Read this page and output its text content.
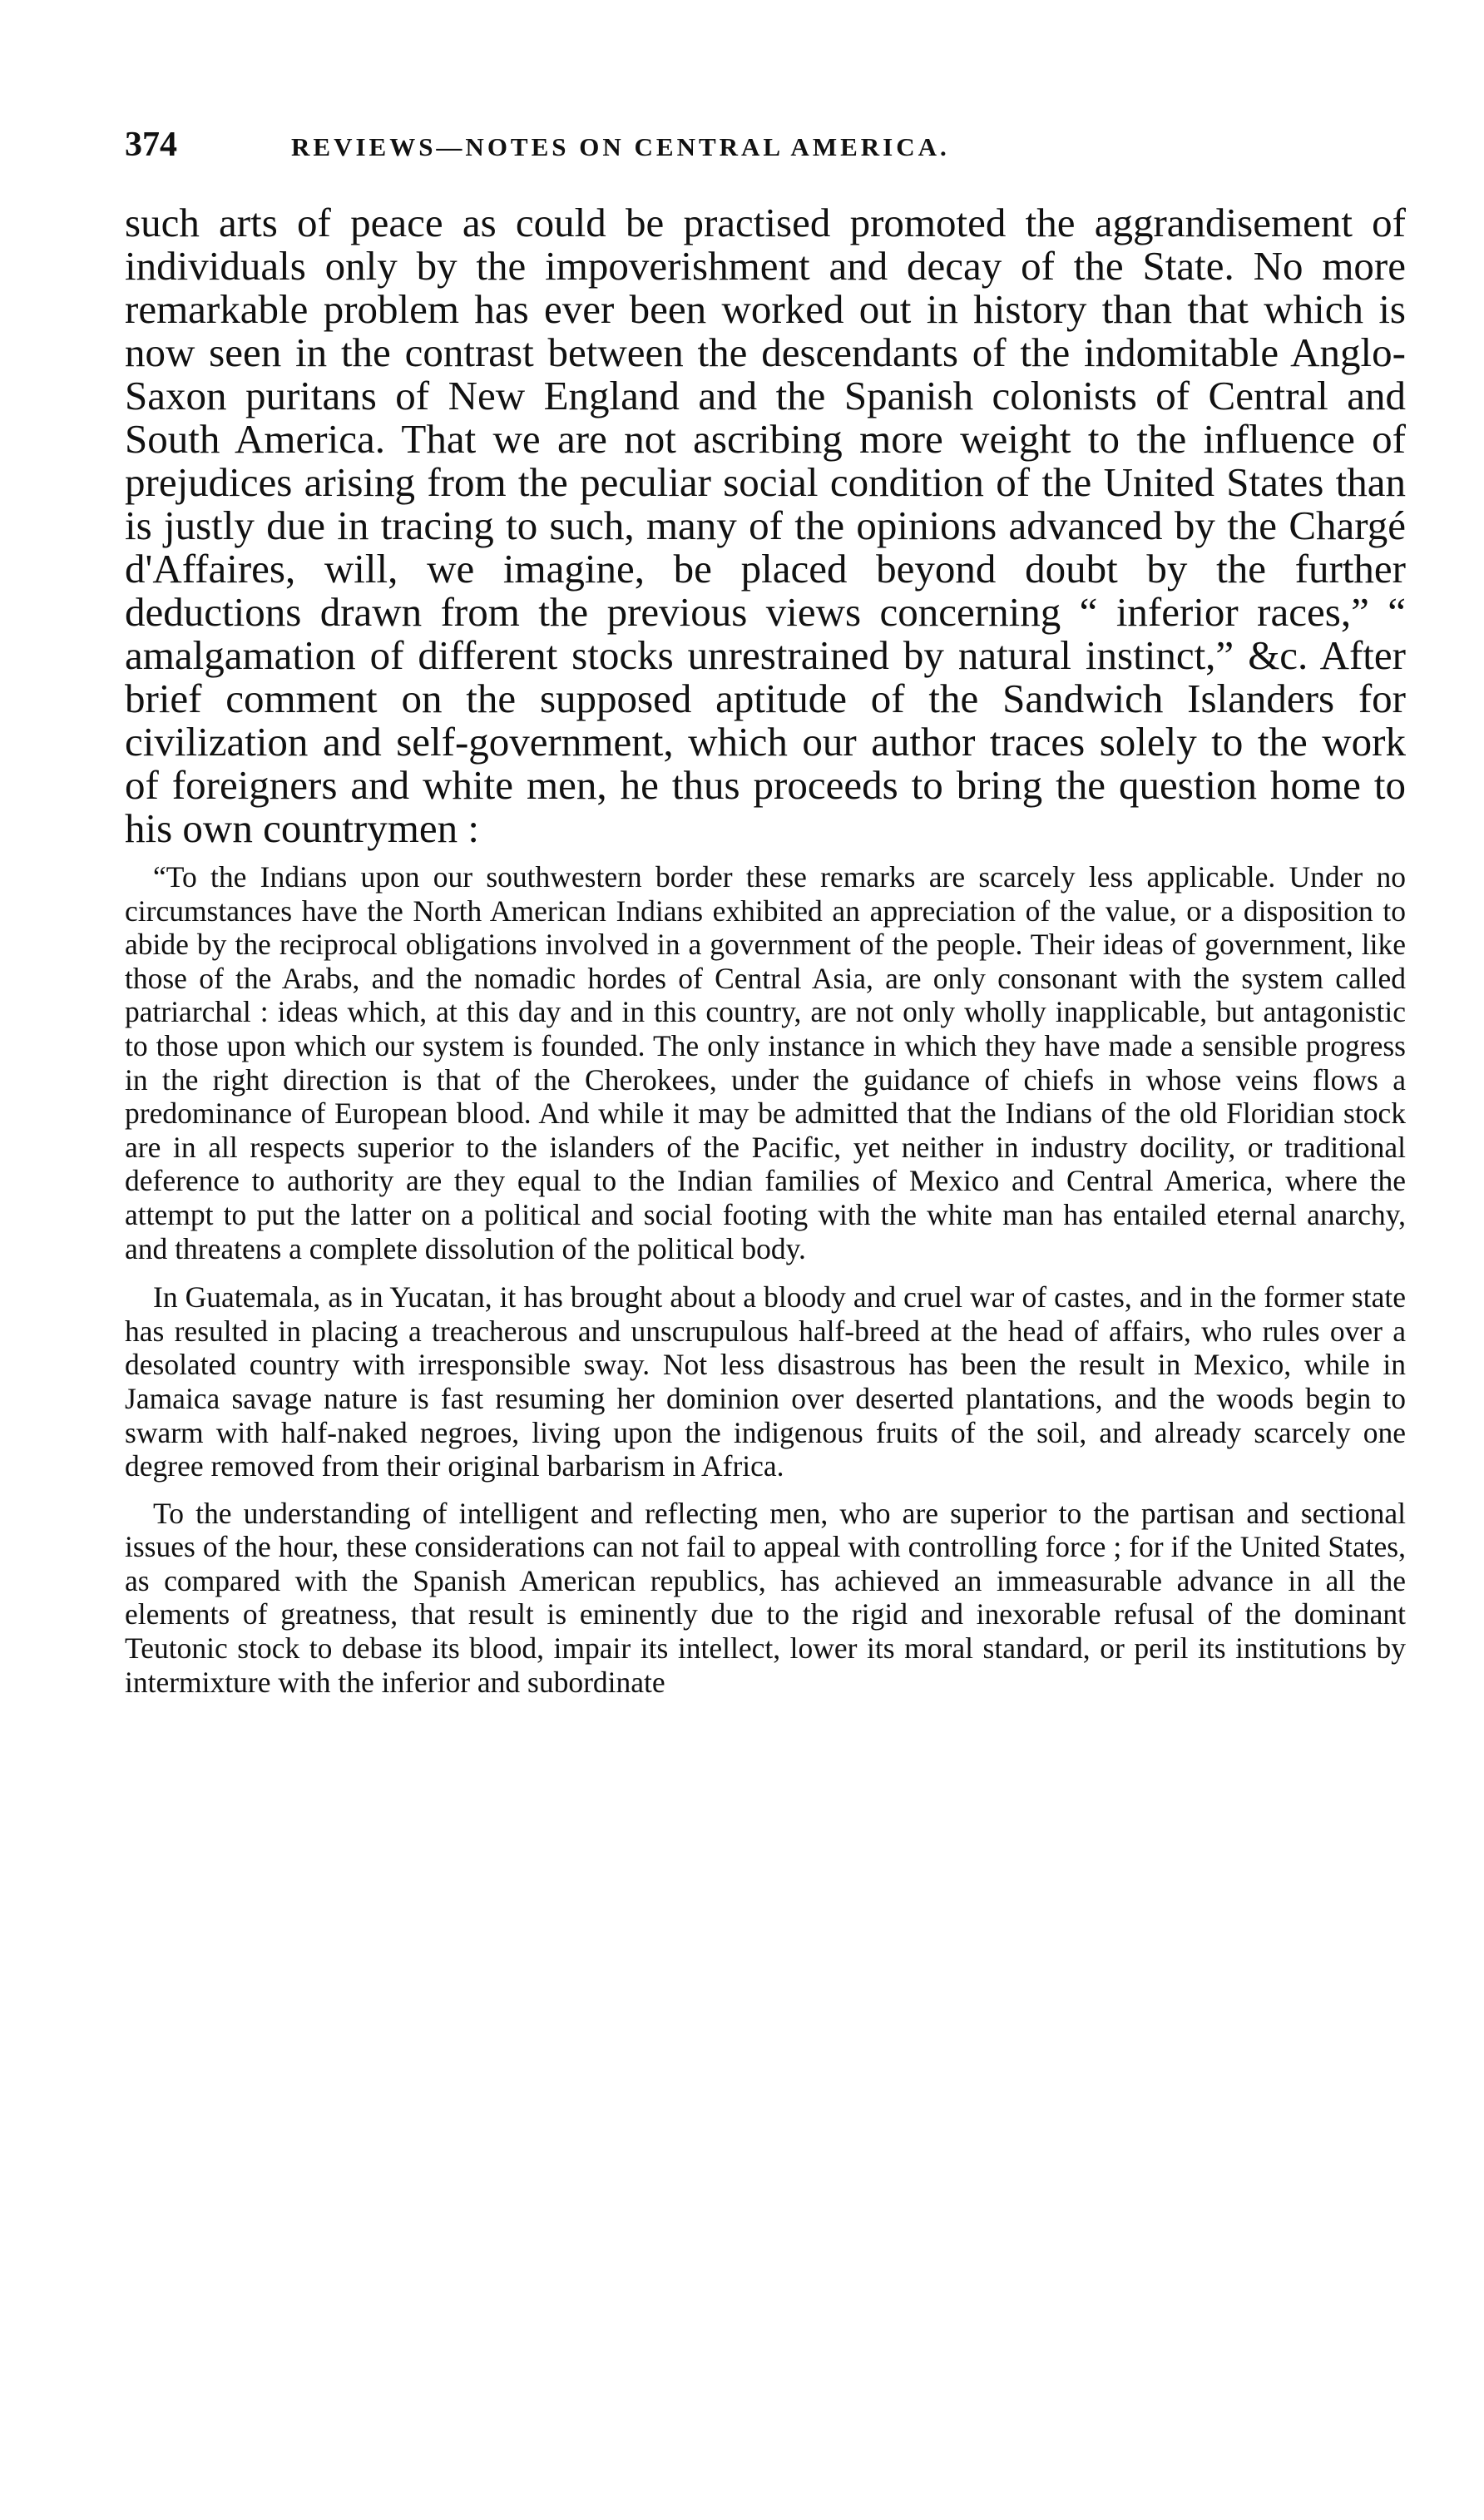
374	REVIEWS—NOTES ON CENTRAL AMERICA.

such arts of peace as could be practised promoted the aggrandisement of individuals only by the impoverishment and decay of the State. No more remarkable problem has ever been worked out in history than that which is now seen in the contrast between the descendants of the indomitable Anglo-Saxon puritans of New England and the Spanish colonists of Central and South America. That we are not ascribing more weight to the influence of prejudices arising from the peculiar social condition of the United States than is justly due in tracing to such, many of the opinions advanced by the Chargé d'Affaires, will, we imagine, be placed beyond doubt by the further deductions drawn from the previous views concerning “ inferior races,” “ amalgamation of different stocks unrestrained by natural instinct,” &c. After brief comment on the supposed aptitude of the Sandwich Islanders for civilization and self-government, which our author traces solely to the work of foreigners and white men, he thus proceeds to bring the question home to his own countrymen :

“To the Indians upon our southwestern border these remarks are scarcely less applicable. Under no circumstances have the North American Indians exhibited an appreciation of the value, or a disposition to abide by the reciprocal obligations involved in a government of the people. Their ideas of government, like those of the Arabs, and the nomadic hordes of Central Asia, are only consonant with the system called patriarchal : ideas which, at this day and in this country, are not only wholly inapplicable, but antagonistic to those upon which our system is founded. The only instance in which they have made a sensible progress in the right direction is that of the Cherokees, under the guidance of chiefs in whose veins flows a predominance of European blood. And while it may be admitted that the Indians of the old Floridian stock are in all respects superior to the islanders of the Pacific, yet neither in industry docility, or traditional deference to authority are they equal to the Indian families of Mexico and Central America, where the attempt to put the latter on a political and social footing with the white man has entailed eternal anarchy, and threatens a complete dissolution of the political body.

In Guatemala, as in Yucatan, it has brought about a bloody and cruel war of castes, and in the former state has resulted in placing a treacherous and unscrupulous half-breed at the head of affairs, who rules over a desolated country with irresponsible sway. Not less disastrous has been the result in Mexico, while in Jamaica savage nature is fast resuming her dominion over deserted plantations, and the woods begin to swarm with half-naked negroes, living upon the indigenous fruits of the soil, and already scarcely one degree removed from their original barbarism in Africa.

To the understanding of intelligent and reflecting men, who are superior to the partisan and sectional issues of the hour, these considerations can not fail to appeal with controlling force ; for if the United States, as compared with the Spanish American republics, has achieved an immeasurable advance in all the elements of greatness, that result is eminently due to the rigid and inexorable refusal of the dominant Teutonic stock to debase its blood, impair its intellect, lower its moral standard, or peril its institutions by intermixture with the inferior and subordinate
